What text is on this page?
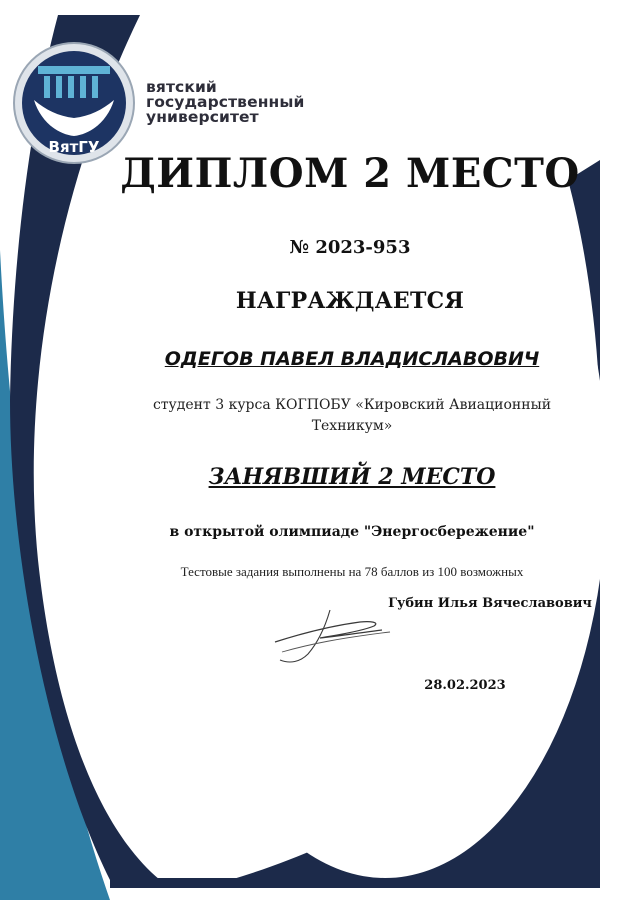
ВятГУ
вятский
государственный
университет
ДИПЛОМ 2 МЕСТО
№ 2023-953
НАГРАЖДАЕТСЯ
ОДЕГОВ ПАВЕЛ ВЛАДИСЛАВОВИЧ
студент 3 курса КОГПОБУ «Кировский Авиационный Техникум»
ЗАНЯВШИЙ 2 МЕСТО
в открытой олимпиаде "Энергосбережение"
Тестовые задания выполнены на 78 баллов из 100 возможных
Губин Илья Вячеславович
28.02.2023
